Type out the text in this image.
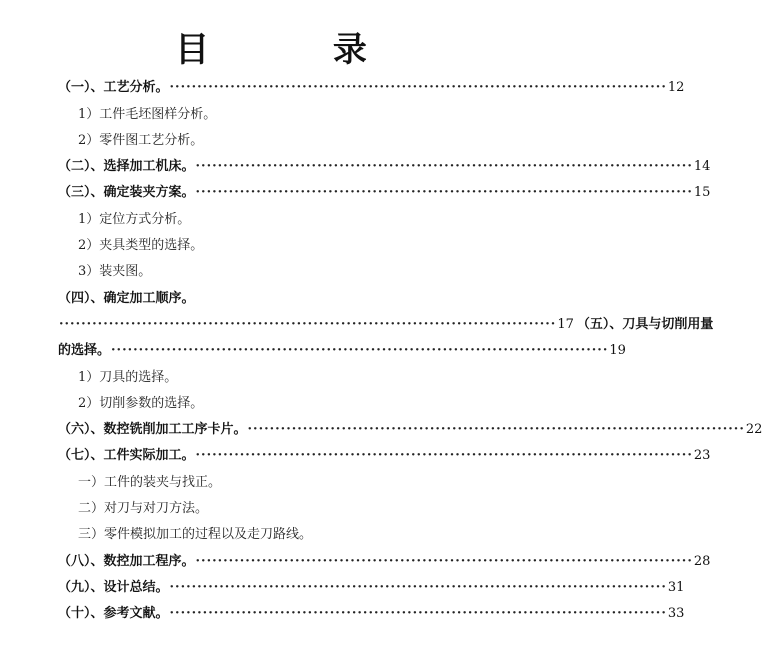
目 录
（一）、工艺分析。 ·························································································· 12
1）工件毛坯图样分析。
2）零件图工艺分析。
（二）、选择加工机床。 ·························································································· 14
（三）、确定装夹方案。 ·························································································· 15
1）定位方式分析。
2）夹具类型的选择。
3）装夹图。
（四）、确定加工顺序。
·························································································· 17 （五）、刀具与切削用量
的选择。 ·························································································· 19
1）刀具的选择。
2）切削参数的选择。
（六）、数控铣削加工工序卡片。 ·························································································· 22
（七）、工件实际加工。 ·························································································· 23
一）工件的装夹与找正。
二）对刀与对刀方法。
三）零件模拟加工的过程以及走刀路线。
（八）、数控加工程序。 ·························································································· 28
（九）、设计总结。 ·························································································· 31
（十）、参考文献。 ·························································································· 33
